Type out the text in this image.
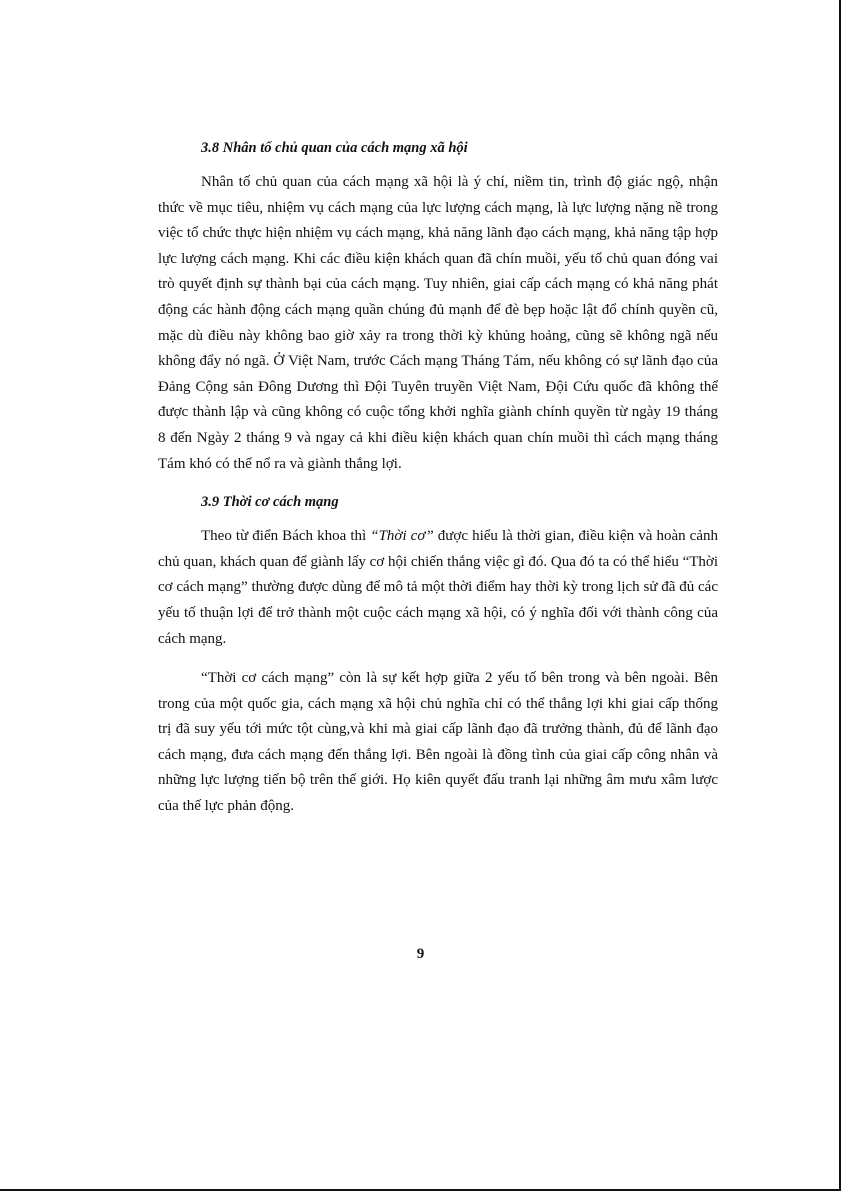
3.8 Nhân tố chủ quan của cách mạng xã hội

Nhân tố chủ quan của cách mạng xã hội là ý chí, niềm tin, trình độ giác ngộ, nhận thức về mục tiêu, nhiệm vụ cách mạng của lực lượng cách mạng, là lực lượng nặng nề trong việc tổ chức thực hiện nhiệm vụ cách mạng, khả năng lãnh đạo cách mạng, khả năng tập hợp lực lượng cách mạng. Khi các điều kiện khách quan đã chín muồi, yếu tố chủ quan đóng vai trò quyết định sự thành bại của cách mạng. Tuy nhiên, giai cấp cách mạng có khả năng phát động các hành động cách mạng quần chúng đủ mạnh để đè bẹp hoặc lật đổ chính quyền cũ, mặc dù điều này không bao giờ xảy ra trong thời kỳ khủng hoảng, cũng sẽ không ngã nếu không đẩy nó ngã. Ở Việt Nam, trước Cách mạng Tháng Tám, nếu không có sự lãnh đạo của Đảng Cộng sản Đông Dương thì Đội Tuyên truyền Việt Nam, Đội Cứu quốc đã không thể được thành lập và cũng không có cuộc tổng khởi nghĩa giành chính quyền từ ngày 19 tháng 8 đến Ngày 2 tháng 9 và ngay cả khi điều kiện khách quan chín muồi thì cách mạng tháng Tám khó có thể nổ ra và giành thắng lợi.

3.9 Thời cơ cách mạng

Theo từ điển Bách khoa thì “Thời cơ” được hiểu là thời gian, điều kiện và hoàn cảnh chủ quan, khách quan để giành lấy cơ hội chiến thắng việc gì đó. Qua đó ta có thể hiểu “Thời cơ cách mạng” thường được dùng để mô tả một thời điểm hay thời kỳ trong lịch sử đã đủ các yếu tố thuận lợi để trở thành một cuộc cách mạng xã hội, có ý nghĩa đối với thành công của cách mạng.

“Thời cơ cách mạng” còn là sự kết hợp giữa 2 yếu tố bên trong và bên ngoài. Bên trong của một quốc gia, cách mạng xã hội chủ nghĩa chỉ có thể thắng lợi khi giai cấp thống trị đã suy yếu tới mức tột cùng,và khi mà giai cấp lãnh đạo đã trưởng thành, đủ để lãnh đạo cách mạng, đưa cách mạng đến thắng lợi. Bên ngoài là đồng tình của giai cấp công nhân và những lực lượng tiến bộ trên thế giới. Họ kiên quyết đấu tranh lại những âm mưu xâm lược của thế lực phản động.

9
